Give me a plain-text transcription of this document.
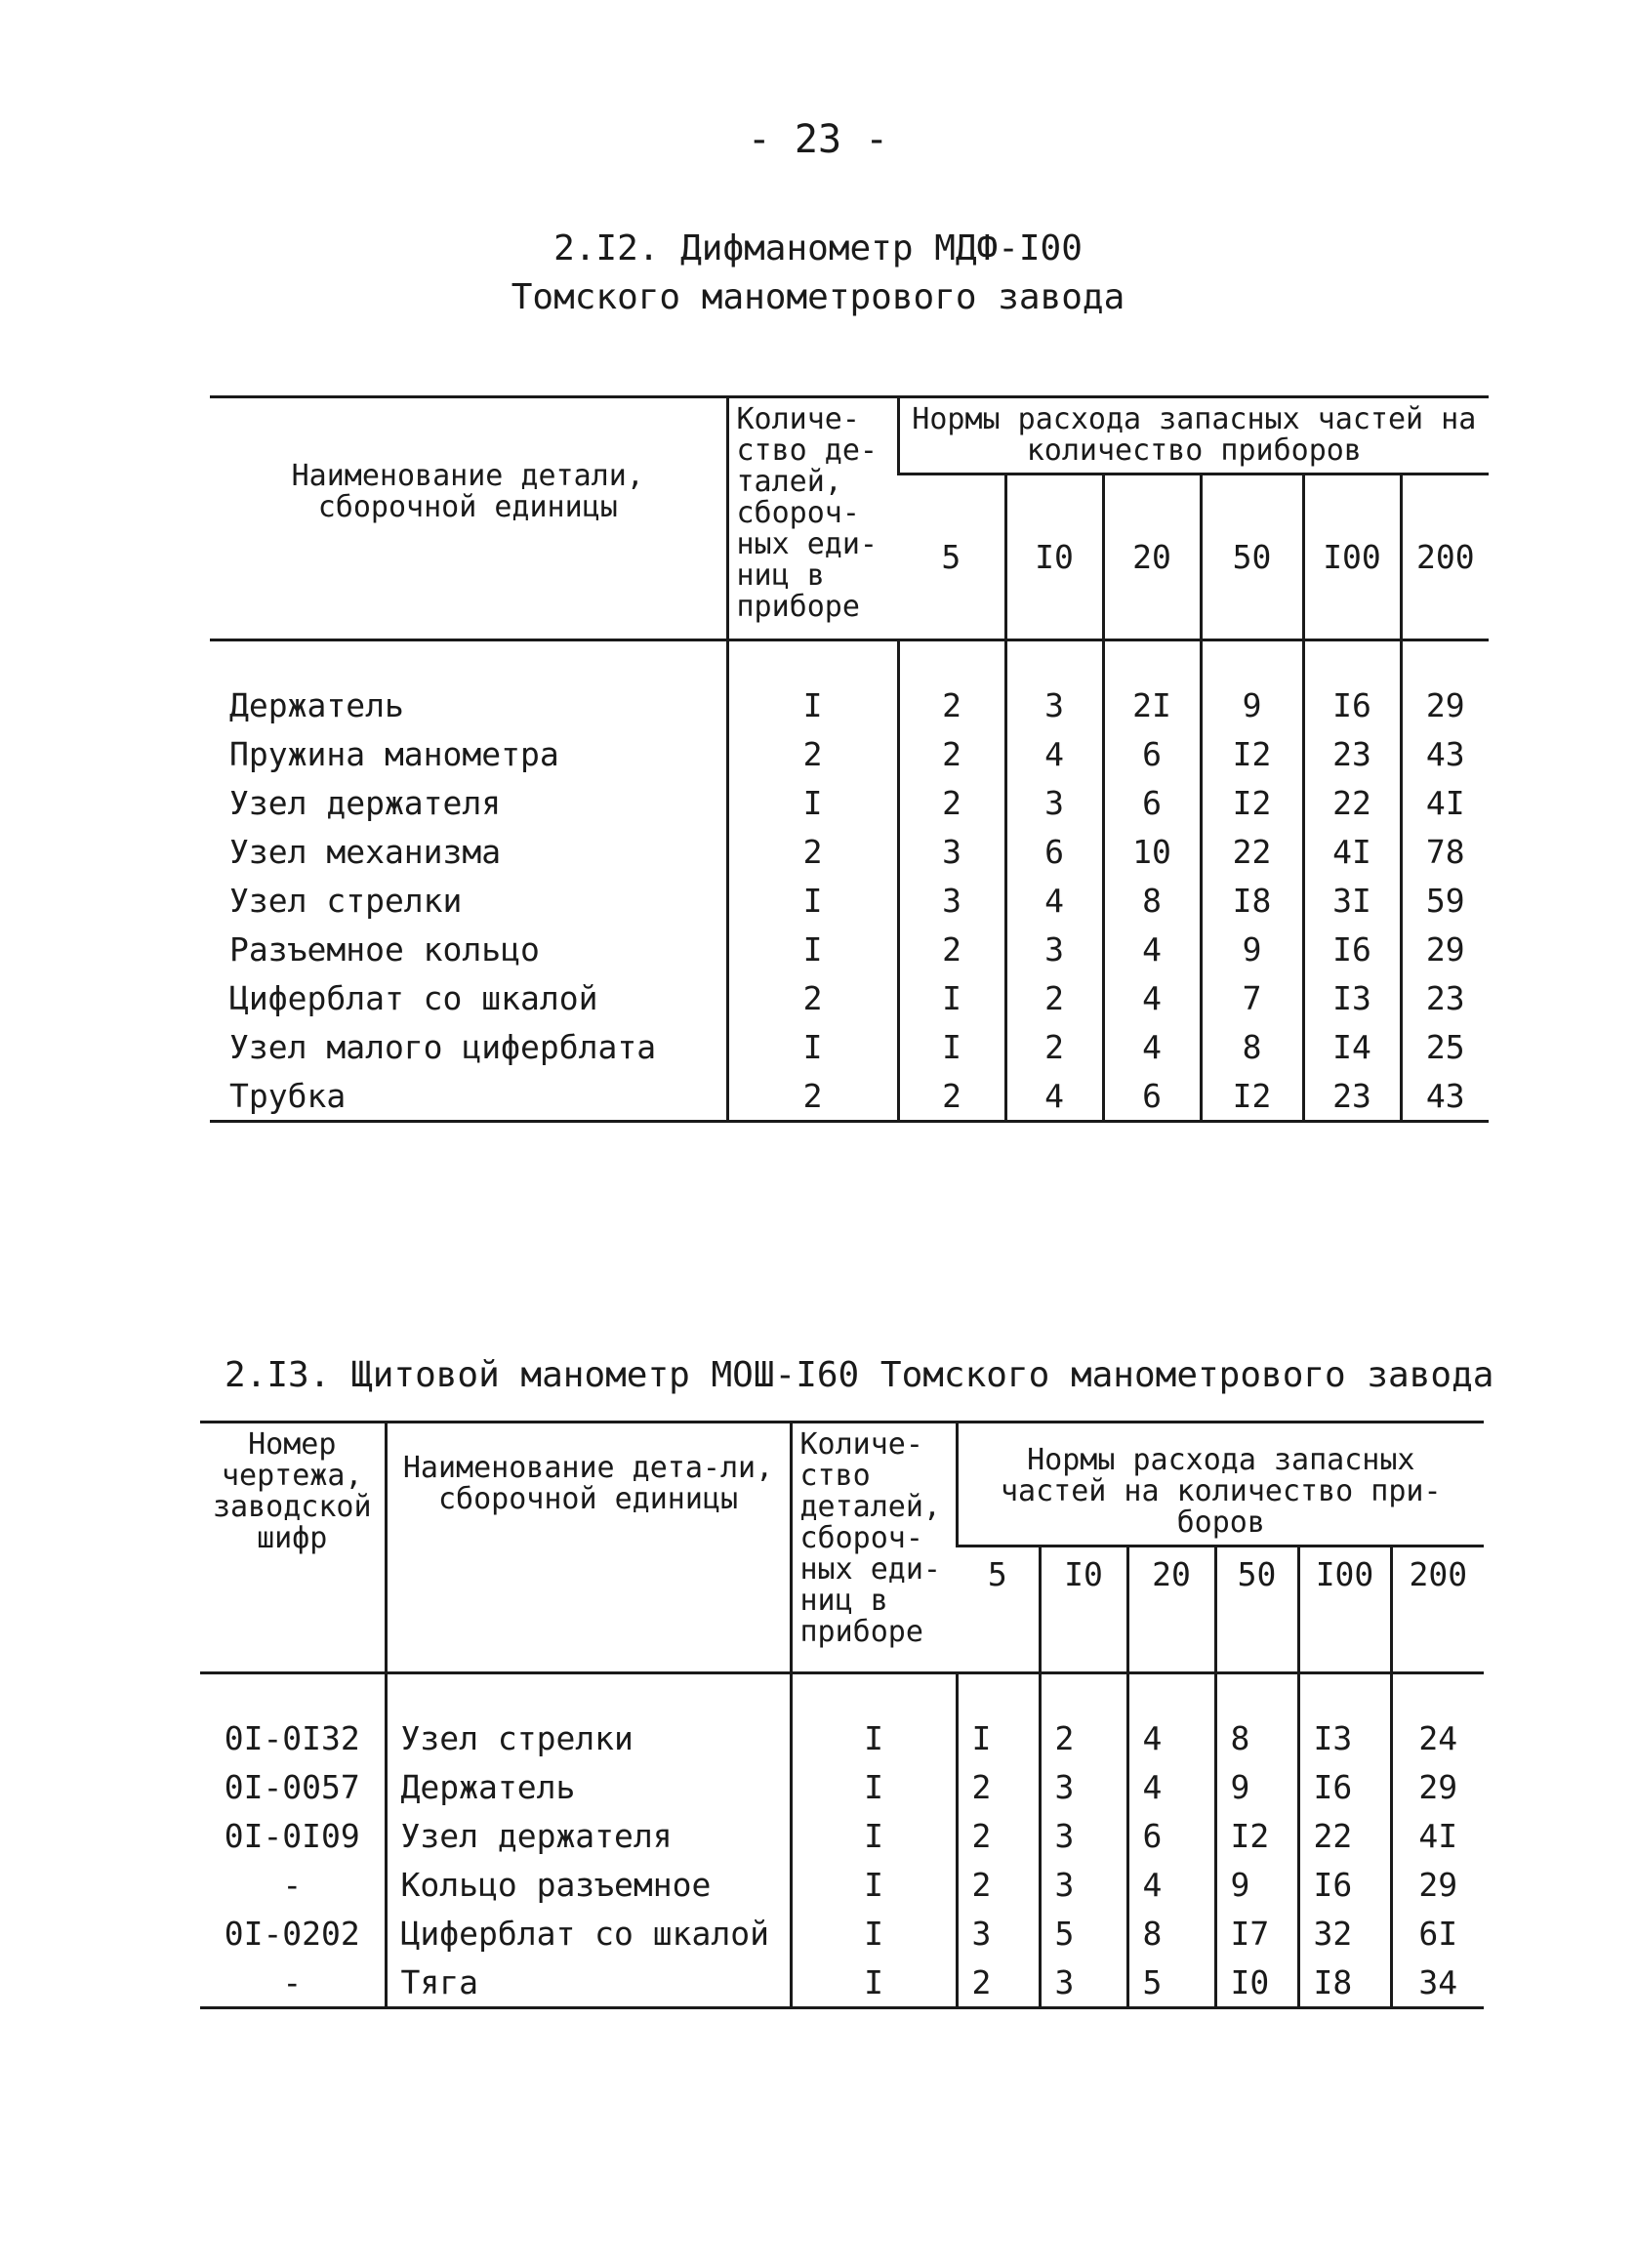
- 23 -
2.I2. Дифманометр МДФ-I00
Томского манометрового завода
Наименование детали, сборочной единицы	Количе-ство де-талей, сбороч-ных еди-ниц в приборе	Нормы расхода запасных частей на количество приборов					
		5	I0	20	50	I00	200
Держатель	I	2	3	2I	9	I6	29
Пружина манометра	2	2	4	6	I2	23	43
Узел держателя	I	2	3	6	I2	22	4I
Узел механизма	2	3	6	10	22	4I	78
Узел стрелки	I	3	4	8	I8	3I	59
Разъемное кольцо	I	2	3	4	9	I6	29
Циферблат со шкалой	2	I	2	4	7	I3	23
Узел малого циферблата	I	I	2	4	8	I4	25
Трубка	2	2	4	6	I2	23	43
2.I3. Щитовой манометр МОШ-I60 Томского манометрового завода
Номер чертежа, заводской шифр	Наименование дета-ли, сборочной единицы	Количе-ство деталей, сбороч-ных еди-ниц в приборе	Нормы расхода запасных частей на количество при-боров					
			5	I0	20	50	I00	200
0I-0I32	Узел стрелки	I	I	2	4	8	I3	24
0I-0057	Держатель	I	2	3	4	9	I6	29
0I-0I09	Узел держателя	I	2	3	6	I2	22	4I
-	Кольцо разъемное	I	2	3	4	9	I6	29
0I-0202	Циферблат со шкалой	I	3	5	8	I7	32	6I
-	Тяга	I	2	3	5	I0	I8	34
